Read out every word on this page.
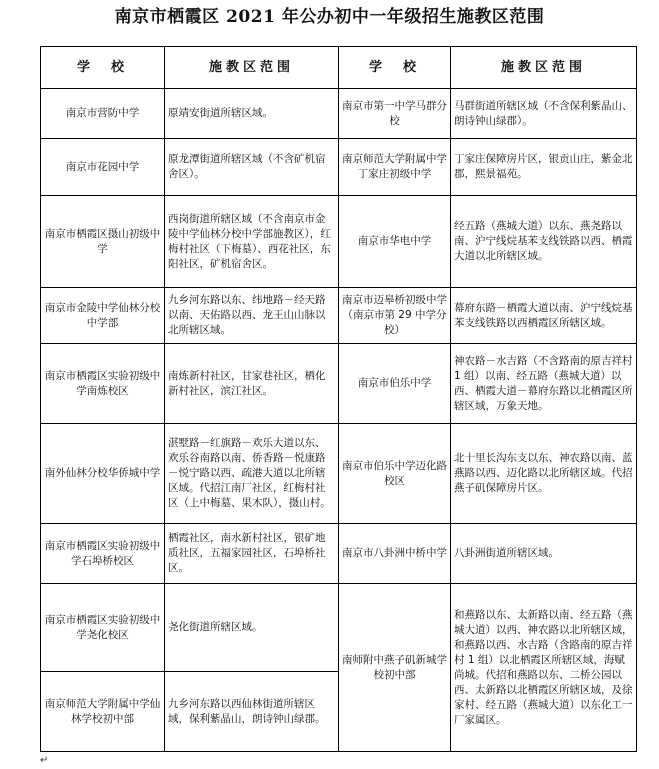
南京市栖霞区 2021 年公办初中一年级招生施教区范围
学　校	施教区范围	学　校	施教区范围
南京市营防中学	原靖安街道所辖区域。	南京市第一中学马群分校	马群街道所辖区域（不含保利紫晶山、朗诗钟山绿郡）。
南京市花园中学	原龙潭街道所辖区域（不含矿机宿舍区）。	南京师范大学附属中学丁家庄初级中学	丁家庄保障房片区，银贡山庄，紫金北郡，熙景福苑。
南京市栖霞区摄山初级中学	西岗街道所辖区域（不含南京市金陵中学仙林分校中学部施教区），红梅村社区（下梅墓）、西花社区，东阳社区，矿机宿舍区。	南京市华电中学	经五路（燕城大道）以东、燕尧路以南、沪宁线烷基苯支线铁路以西、栖霞大道以北所辖区域。
南京市金陵中学仙林分校中学部	九乡河东路以东、纬地路－经天路以南、天佑路以西、龙王山山脉以北所辖区域。	南京市迈皋桥初级中学（南京市第 29 中学分校）	幕府东路－栖霞大道以南、沪宁线烷基苯支线铁路以西栖霞区所辖区域。
南京市栖霞区实验初级中学南炼校区	南炼新村社区，甘家巷社区，栖化新村社区，滨江社区。	南京市伯乐中学	神农路－水吉路（不含路南的原吉祥村 1 组）以南、经五路（燕城大道）以西、栖霞大道－幕府东路以北栖霞区所辖区域，万象天地。
南外仙林分校华侨城中学	湛墅路－红旗路－欢乐大道以东、欢乐谷南路以南、侨香路－悦康路－悦宁路以西、疏港大道以北所辖区域。代招江南厂社区，红梅村社区（上中梅墓、果木队），摄山村。	南京市伯乐中学迈化路校区	北十里长沟东支以东、神农路以南、蓝燕路以西、迈化路以北所辖区域。代招燕子矶保障房片区。
南京市栖霞区实验初级中学石埠桥校区	栖霞社区，南水新村社区，银矿地质社区，五福家园社区，石埠桥社区。	南京市八卦洲中桥中学	八卦洲街道所辖区域。
南京市栖霞区实验初级中学尧化校区	尧化街道所辖区域。	南师附中燕子矶新城学校初中部	和燕路以东、太新路以南、经五路（燕城大道）以西、神农路以北所辖区域，和燕路以西、水吉路（含路南的原吉祥村 1 组）以北栖霞区所辖区域，海赋尚城。代招和燕路以东、二桥公园以西、太新路以北栖霞区所辖区域，及徐家村、经五路（燕城大道）以东化工一厂家属区。
南京师范大学附属中学仙林学校初中部	九乡河东路以西仙林街道所辖区域，保利紫晶山，朗诗钟山绿郡。		
↵
